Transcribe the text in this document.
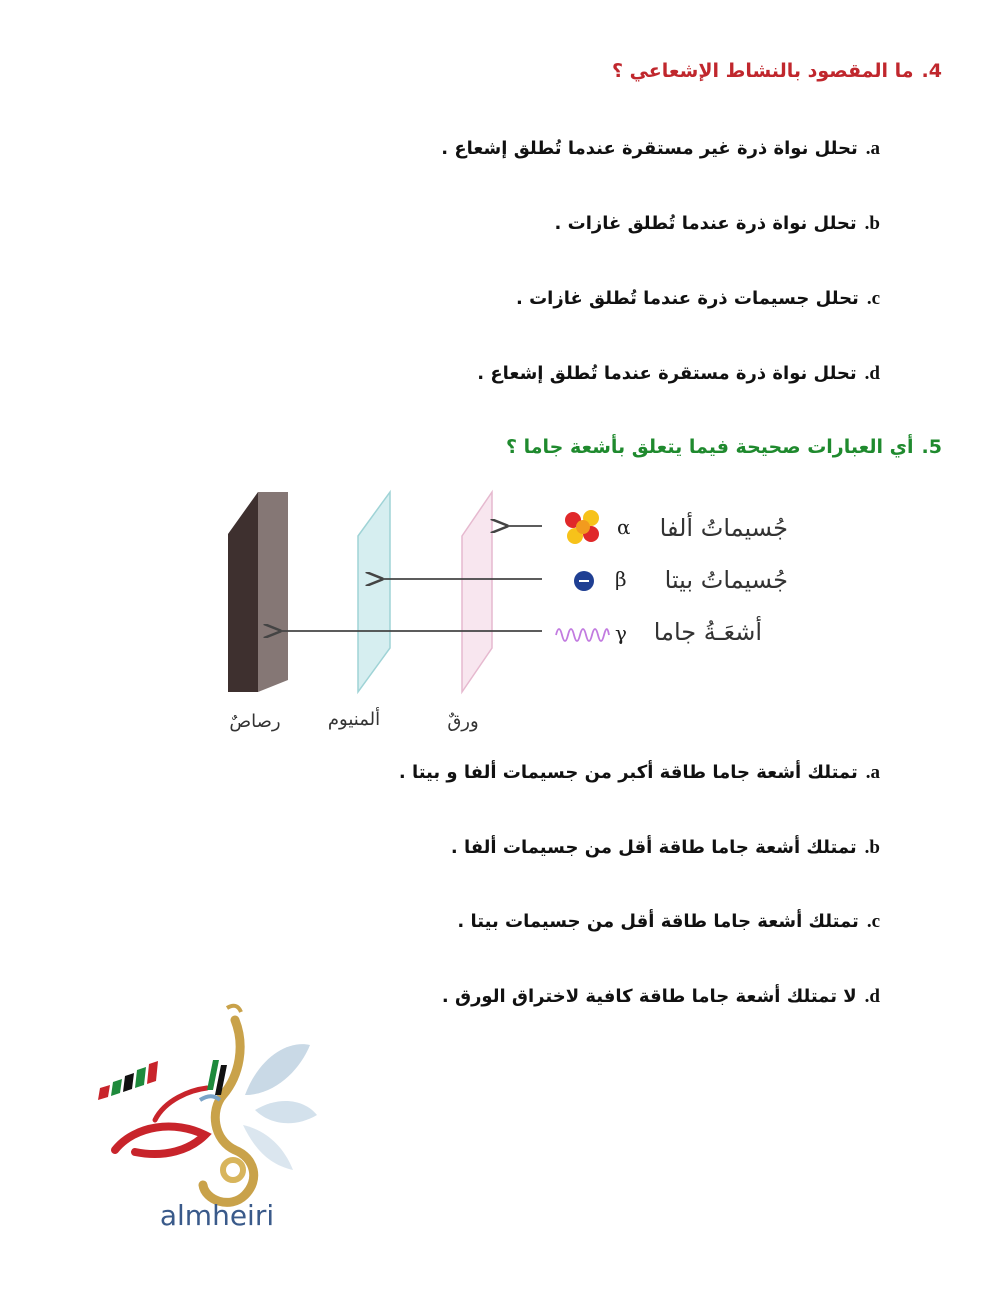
4.ما المقصود بالنشاط الإشعاعي ؟
a.تحلل نواة ذرة غير مستقرة عندما تُطلق إشعاع .
b.تحلل نواة ذرة عندما تُطلق غازات .
c.تحلل جسيمات ذرة عندما تُطلق غازات .
d.تحلل نواة ذرة مستقرة عندما تُطلق إشعاع .
5.أي العبارات صحيحة فيما يتعلق بأشعة جاما ؟
α
β
γ
جُسيماتُ ألفا
جُسيماتُ بيتا
أشعَـةُ جاما
رصاصٌ	ألمنيوم	ورقٌ
a.تمتلك أشعة جاما طاقة أكبر من جسيمات ألفا و بيتا .
b.تمتلك أشعة جاما طاقة أقل من جسيمات ألفا .
c.تمتلك أشعة جاما طاقة أقل من جسيمات بيتا .
d.لا تمتلك أشعة جاما طاقة كافية لاختراق الورق .
almheiri
